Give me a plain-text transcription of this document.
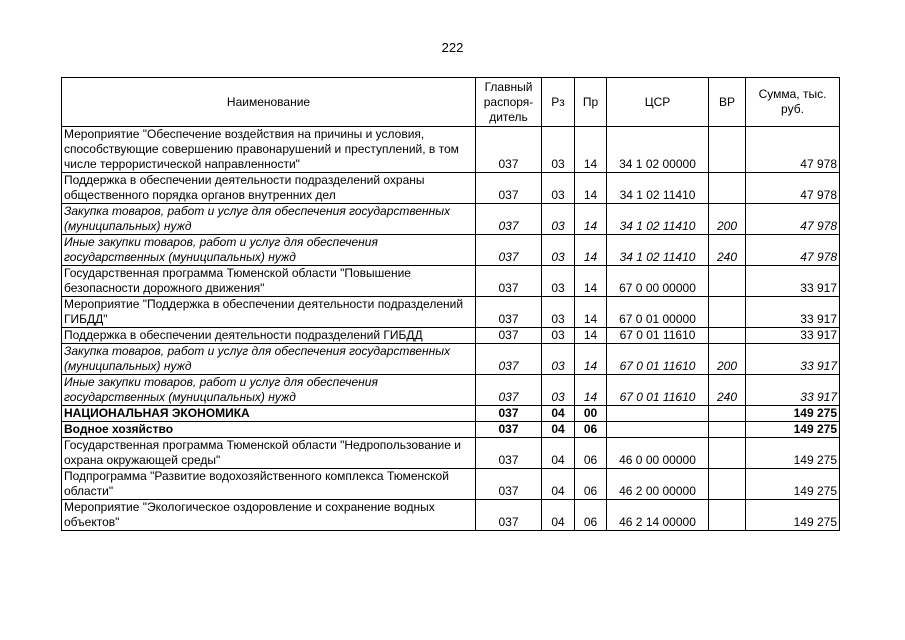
222
Наименование	Главный распоря-дитель	Рз	Пр	ЦСР	ВР	Сумма, тыс. руб.
Мероприятие "Обеспечение воздействия на причины и условия, способствующие совершению правонарушений и преступлений, в том числе террористической направленности"	037	03	14	34 1 02 00000		47 978
Поддержка в обеспечении деятельности подразделений охраны общественного порядка органов внутренних дел	037	03	14	34 1 02 11410		47 978
Закупка товаров, работ и услуг для обеспечения государственных (муниципальных) нужд	037	03	14	34 1 02 11410	200	47 978
Иные закупки товаров, работ и услуг для обеспечения государственных (муниципальных) нужд	037	03	14	34 1 02 11410	240	47 978
Государственная программа Тюменской области "Повышение безопасности дорожного движения"	037	03	14	67 0 00 00000		33 917
Мероприятие "Поддержка в обеспечении деятельности подразделений ГИБДД"	037	03	14	67 0 01 00000		33 917
Поддержка в обеспечении деятельности подразделений ГИБДД	037	03	14	67 0 01 11610		33 917
Закупка товаров, работ и услуг для обеспечения государственных (муниципальных) нужд	037	03	14	67 0 01 11610	200	33 917
Иные закупки товаров, работ и услуг для обеспечения государственных (муниципальных) нужд	037	03	14	67 0 01 11610	240	33 917
НАЦИОНАЛЬНАЯ ЭКОНОМИКА	037	04	00			149 275
Водное хозяйство	037	04	06			149 275
Государственная программа Тюменской области "Недропользование и охрана окружающей среды"	037	04	06	46 0 00 00000		149 275
Подпрограмма "Развитие водохозяйственного комплекса Тюменской области"	037	04	06	46 2 00 00000		149 275
Мероприятие "Экологическое оздоровление и сохранение водных объектов"	037	04	06	46 2 14 00000		149 275
